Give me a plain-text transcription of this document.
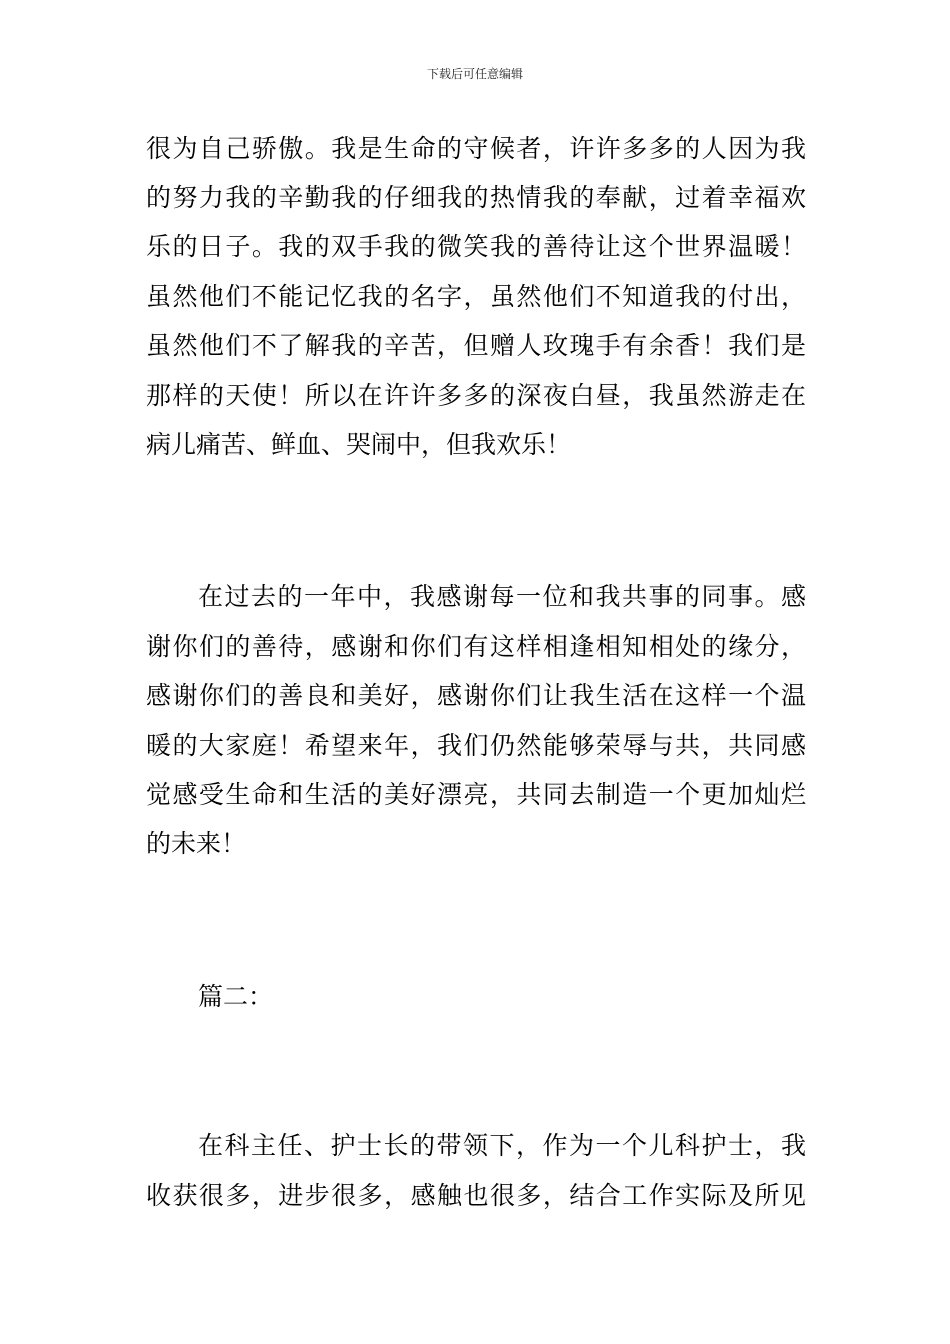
下载后可任意编辑
很为自己骄傲。我是生命的守候者，许许多多的人因为我
的努力我的辛勤我的仔细我的热情我的奉献，过着幸福欢
乐的日子。我的双手我的微笑我的善待让这个世界温暖！
虽然他们不能记忆我的名字，虽然他们不知道我的付出，
虽然他们不了解我的辛苦，但赠人玫瑰手有余香！我们是
那样的天使！所以在许许多多的深夜白昼，我虽然游走在
病儿痛苦、鲜血、哭闹中，但我欢乐！
在过去的一年中，我感谢每一位和我共事的同事。感
谢你们的善待，感谢和你们有这样相逢相知相处的缘分，
感谢你们的善良和美好，感谢你们让我生活在这样一个温
暖的大家庭！希望来年，我们仍然能够荣辱与共，共同感
觉感受生命和生活的美好漂亮，共同去制造一个更加灿烂
的未来！
篇二：
在科主任、护士长的带领下，作为一个儿科护士，我
收获很多，进步很多，感触也很多，结合工作实际及所见
